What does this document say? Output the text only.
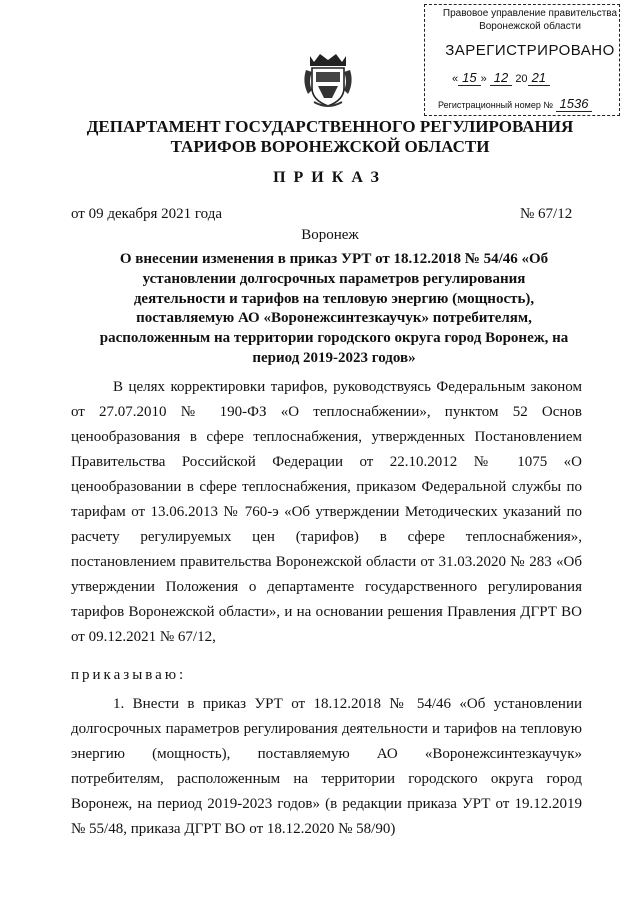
Правовое управление правительства
Воронежской области
ЗАРЕГИСТРИРОВАНО
« 15 » 12 20 21
Регистрационный номер № 1536
ДЕПАРТАМЕНТ ГОСУДАРСТВЕННОГО РЕГУЛИРОВАНИЯ
ТАРИФОВ ВОРОНЕЖСКОЙ ОБЛАСТИ
ПРИКАЗ
от 09 декабря 2021 года	№ 67/12
Воронеж
О внесении изменения в приказ УРТ от 18.12.2018 № 54/46 «Об установлении долгосрочных параметров регулирования деятельности и тарифов на тепловую энергию (мощность), поставляемую АО «Воронежсинтезкаучук» потребителям, расположенным на территории городского округа город Воронеж, на период 2019-2023 годов»
В целях корректировки тарифов, руководствуясь Федеральным законом от 27.07.2010 № 190-ФЗ «О теплоснабжении», пунктом 52 Основ ценообразования в сфере теплоснабжения, утвержденных Постановлением Правительства Российской Федерации от 22.10.2012 № 1075 «О ценообразовании в сфере теплоснабжения, приказом Федеральной службы по тарифам от 13.06.2013 № 760-э «Об утверждении Методических указаний по расчету регулируемых цен (тарифов) в сфере теплоснабжения», постановлением правительства Воронежской области от 31.03.2020 № 283 «Об утверждении Положения о департаменте государственного регулирования тарифов Воронежской области», и на основании решения Правления ДГРТ ВО от 09.12.2021 № 67/12,
приказываю:
1. Внести в приказ УРТ от 18.12.2018 № 54/46 «Об установлении долгосрочных параметров регулирования деятельности и тарифов на тепловую энергию (мощность), поставляемую АО «Воронежсинтезкаучук» потребителям, расположенным на территории городского округа город Воронеж, на период 2019-2023 годов» (в редакции приказа УРТ от 19.12.2019 № 55/48, приказа ДГРТ ВО от 18.12.2020 № 58/90)
